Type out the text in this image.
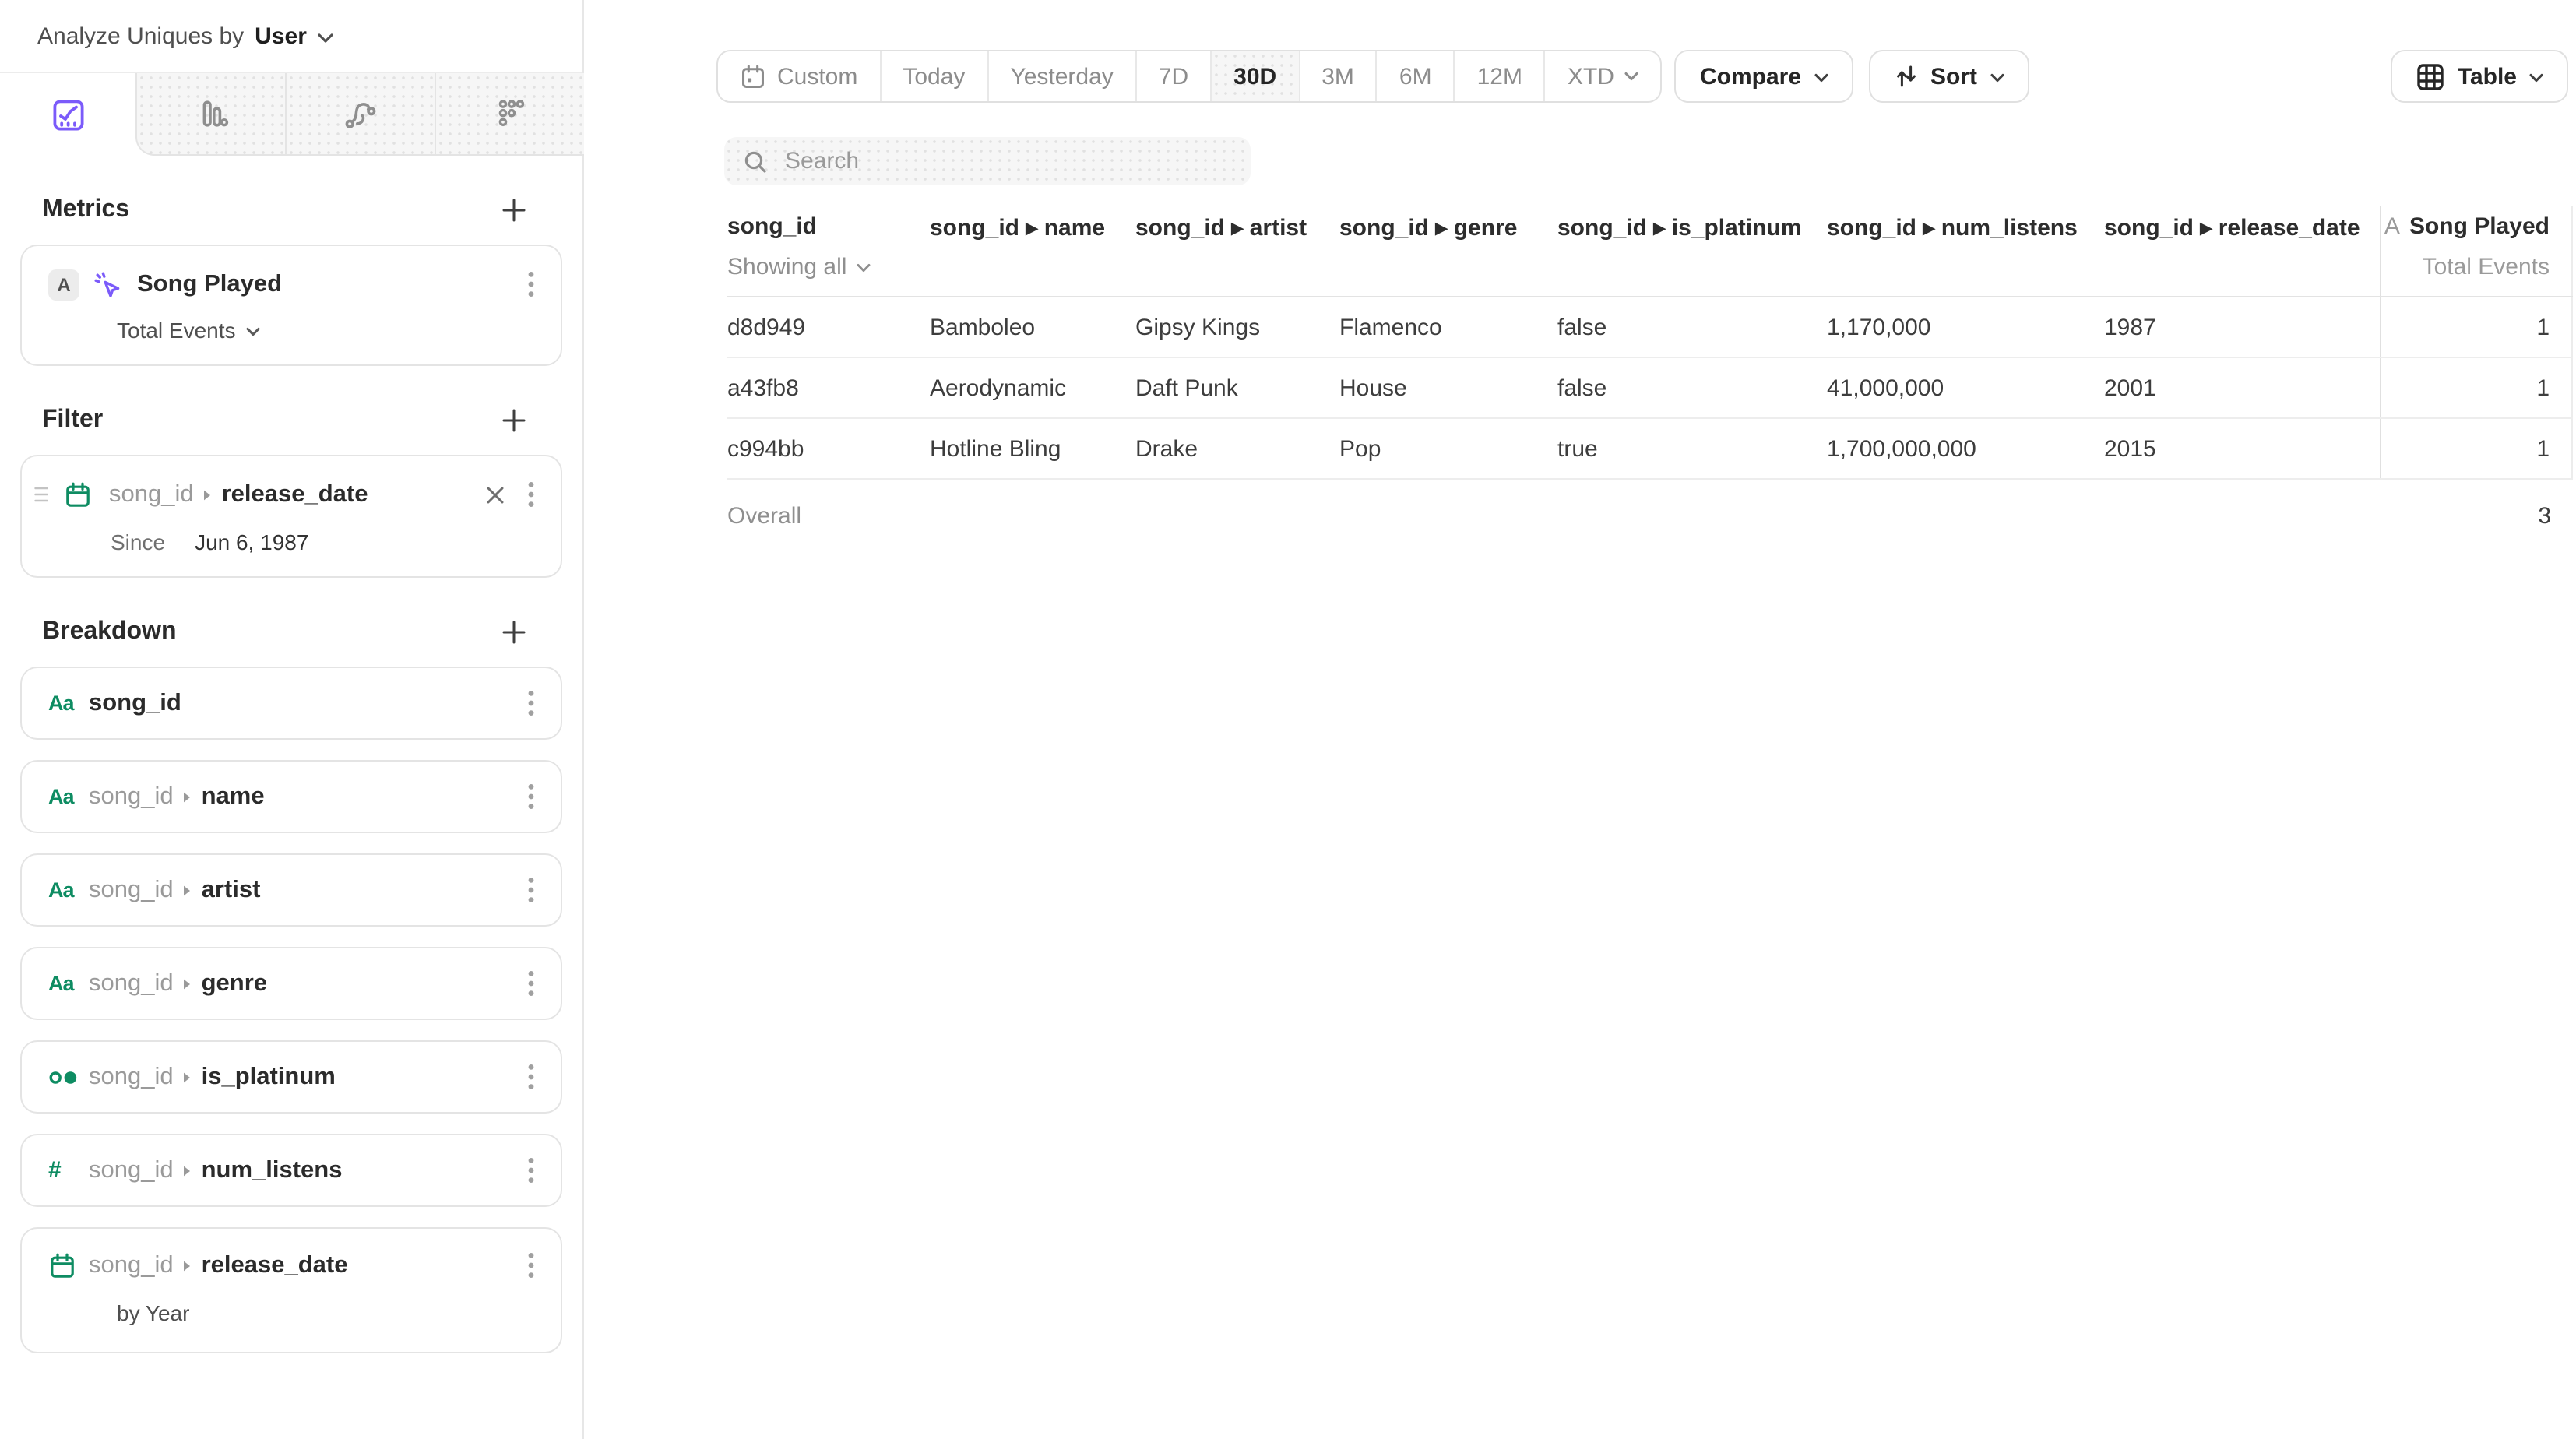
Analyze Uniques by User
Metrics
A	Song Played
Total Events
Filter
song_id release_date
Since	Jun 6, 1987
Breakdown
Aa song_id
Aa song_id name
Aa song_id artist
Aa song_id genre
song_id is_platinum
# song_id num_listens
song_id release_date
by Year
Custom	Today	Yesterday	7D	30D	3M	6M	12M	XTD	Compare	Sort	Table
Search
song_id
Showing all
song_id ▸ name	song_id ▸ artist	song_id ▸ genre	song_id ▸ is_platinum	song_id ▸ num_listens	song_id ▸ release_date	A Song Played
Total Events
d8d949	Bamboleo	Gipsy Kings	Flamenco	false	1,170,000	1987	1
a43fb8	Aerodynamic	Daft Punk	House	false	41,000,000	2001	1
c994bb	Hotline Bling	Drake	Pop	true	1,700,000,000	2015	1
Overall	3
